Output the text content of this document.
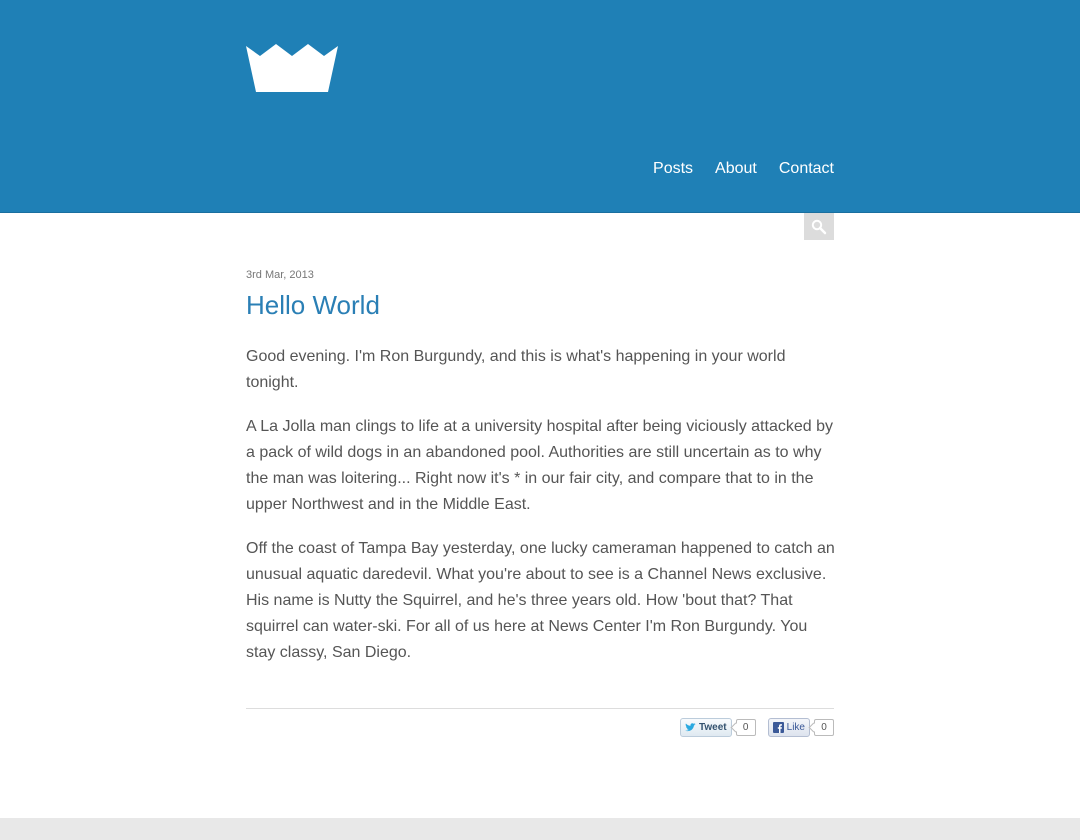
Posts About Contact

3rd Mar, 2013

Hello World

Good evening. I'm Ron Burgundy, and this is what's happening in your world tonight.

A La Jolla man clings to life at a university hospital after being viciously attacked by a pack of wild dogs in an abandoned pool. Authorities are still uncertain as to why the man was loitering... Right now it's * in our fair city, and compare that to in the upper Northwest and in the Middle East.

Off the coast of Tampa Bay yesterday, one lucky cameraman happened to catch an unusual aquatic daredevil. What you're about to see is a Channel News exclusive. His name is Nutty the Squirrel, and he's three years old. How 'bout that? That squirrel can water-ski. For all of us here at News Center I'm Ron Burgundy. You stay classy, San Diego.

Tweet	0	Like	0
